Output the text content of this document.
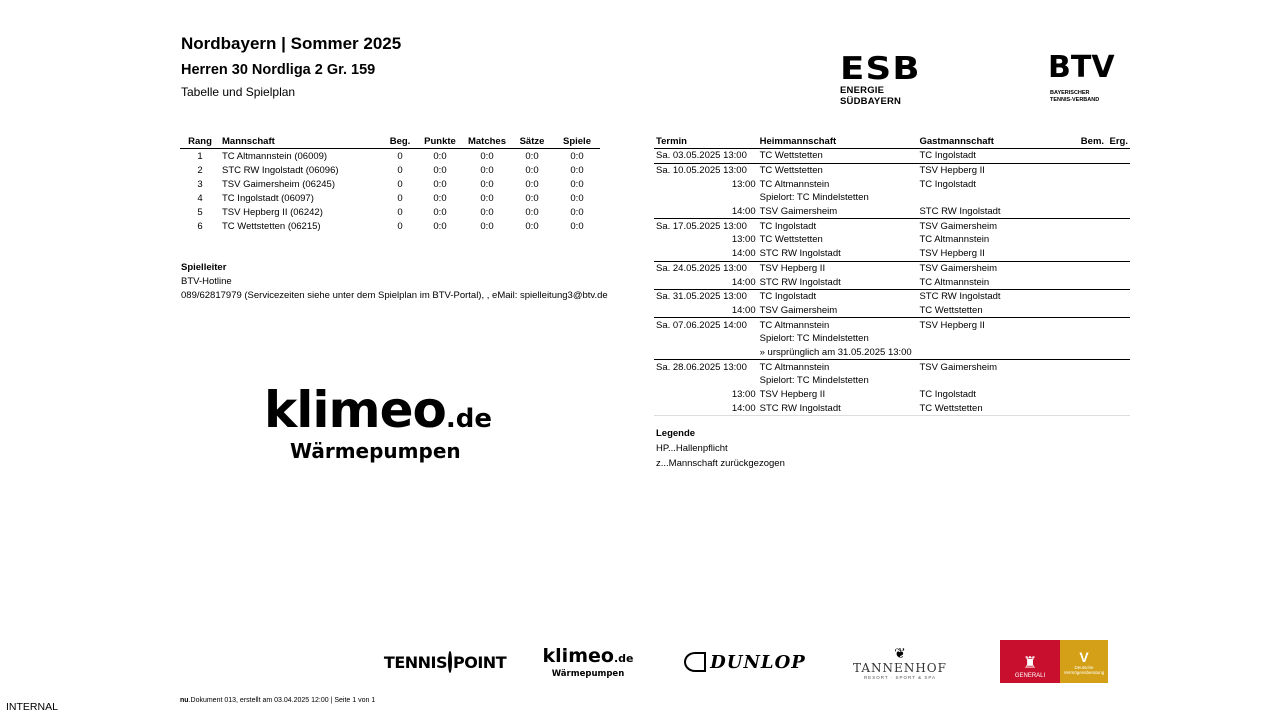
Nordbayern | Sommer 2025
Herren 30 Nordliga 2 Gr. 159
Tabelle und Spielplan
ESB
ENERGIE SÜDBAYERN
BTV
BAYERISCHER
TENNIS-VERBAND
Rang	Mannschaft	Beg.	Punkte	Matches	Sätze	Spiele
1	TC Altmannstein (06009)	0	0:0	0:0	0:0	0:0
2	STC RW Ingolstadt (06096)	0	0:0	0:0	0:0	0:0
3	TSV Gaimersheim (06245)	0	0:0	0:0	0:0	0:0
4	TC Ingolstadt (06097)	0	0:0	0:0	0:0	0:0
5	TSV Hepberg II (06242)	0	0:0	0:0	0:0	0:0
6	TC Wettstetten (06215)	0	0:0	0:0	0:0	0:0
Spielleiter
BTV-Hotline
089/62817979 (Servicezeiten siehe unter dem Spielplan im BTV-Portal), , eMail: spielleitung3@btv.de
klimeo.de
Wärmepumpen
Termin	Heimmannschaft	Gastmannschaft	Bem.	Erg.
Sa. 03.05.2025 13:00	TC Wettstetten	TC Ingolstadt		
Sa. 10.05.2025 13:00	TC Wettstetten	TSV Hepberg II		
13:00	TC Altmannstein	TC Ingolstadt		
	Spielort: TC Mindelstetten			
14:00	TSV Gaimersheim	STC RW Ingolstadt		
Sa. 17.05.2025 13:00	TC Ingolstadt	TSV Gaimersheim		
13:00	TC Wettstetten	TC Altmannstein		
14:00	STC RW Ingolstadt	TSV Hepberg II		
Sa. 24.05.2025 13:00	TSV Hepberg II	TSV Gaimersheim		
14:00	STC RW Ingolstadt	TC Altmannstein		
Sa. 31.05.2025 13:00	TC Ingolstadt	STC RW Ingolstadt		
14:00	TSV Gaimersheim	TC Wettstetten		
Sa. 07.06.2025 14:00	TC Altmannstein	TSV Hepberg II		
	Spielort: TC Mindelstetten			
	» ursprünglich am 31.05.2025 13:00			
Sa. 28.06.2025 13:00	TC Altmannstein	TSV Gaimersheim		
	Spielort: TC Mindelstetten			
13:00	TSV Hepberg II	TC Ingolstadt		
14:00	STC RW Ingolstadt	TC Wettstetten		
Legende
HP...Hallenpflicht
z...Mannschaft zurückgezogen
TENNIS POINT klimeo.de
Wärmepumpen
DUNLOP	❦
TANNENHOF
RESORT · SPORT & SPA
♜
GENERALI
V
Deutsche Vermögensberatung
nu.Dokument 013, erstellt am 03.04.2025 12:00 | Seite 1 von 1
INTERNAL
